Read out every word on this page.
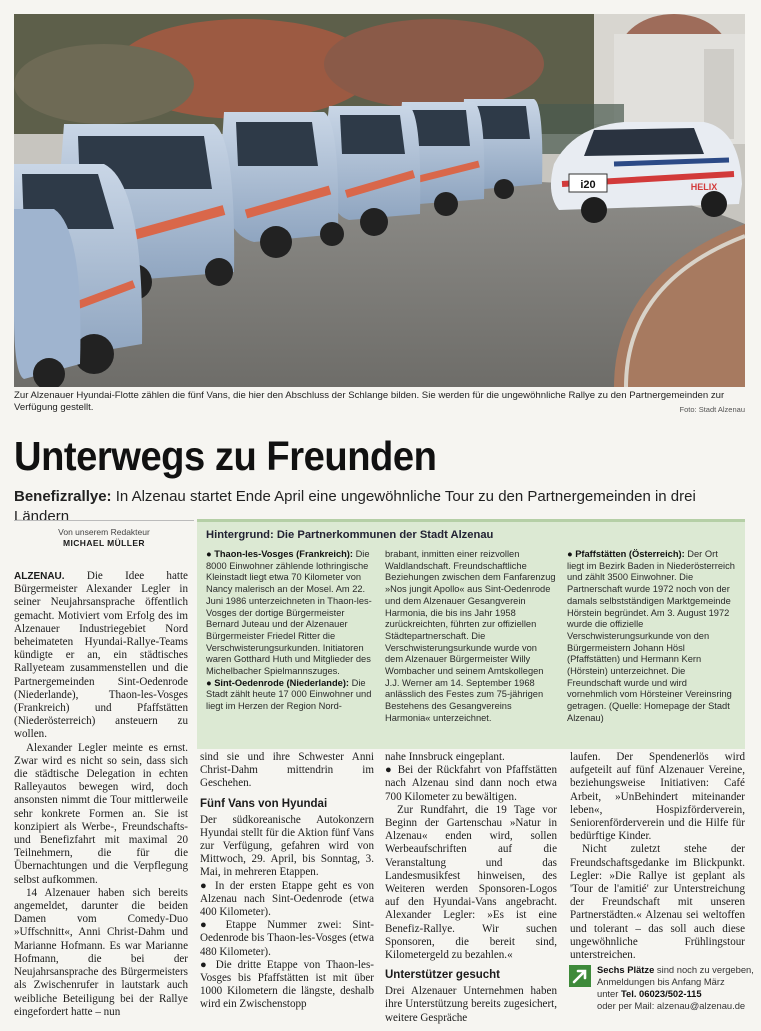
i20	HELIX
Zur Alzenauer Hyundai-Flotte zählen die fünf Vans, die hier den Abschluss der Schlange bilden. Sie werden für die ungewöhnliche Rallye zu den Partnergemeinden zur Verfügung gestellt.	Foto: Stadt Alzenau
Unterwegs zu Freunden
Benefizrallye: In Alzenau startet Ende April eine ungewöhnliche Tour zu den Partnergemeinden in drei Ländern
Von unserem Redakteur
MICHAEL MÜLLER
Hintergrund: Die Partnerkommunen der Stadt Alzenau
● Thaon-les-Vosges (Frankreich): Die 8000 Einwohner zählende lothringische Kleinstadt liegt etwa 70 Kilometer von Nancy malerisch an der Mosel. Am 22. Juni 1986 unterzeichneten in Thaon-les-Vosges der dortige Bürgermeister Bernard Juteau und der Alzenauer Bürgermeister Friedel Ritter die Verschwisterungsurkunden. Initiatoren waren Gotthard Huth und Mitglieder des Michelbacher Spielmannszuges.
● Sint-Oedenrode (Niederlande): Die Stadt zählt heute 17 000 Einwohner und liegt im Herzen der Region Nord-
brabant, inmitten einer reizvollen Waldlandschaft. Freundschaftliche Beziehungen zwischen dem Fanfarenzug »Nos jungit Apollo« aus Sint-Oedenrode und dem Alzenauer Gesangverein Harmonia, die bis ins Jahr 1958 zurückreichten, führten zur offiziellen Städtepartnerschaft. Die Verschwisterungsurkunde wurde von dem Alzenauer Bürgermeister Willy Wombacher und seinem Amtskollegen J.J. Werner am 14. September 1968 anlässlich des Festes zum 75-jährigen Bestehens des Gesangvereins Harmonia« unterzeichnet.
● Pfaffstätten (Österreich): Der Ort liegt im Bezirk Baden in Niederösterreich und zählt 3500 Einwohner. Die Partnerschaft wurde 1972 noch von der damals selbstständigen Marktgemeinde Hörstein begründet. Am 3. August 1972 wurde die offizielle Verschwisterungsurkunde von den Bürgermeistern Johann Hösl (Pfaffstätten) und Hermann Kern (Hörstein) unterzeichnet. Die Freundschaft wurde und wird vornehmlich vom Hörsteiner Vereinsring getragen. (Quelle: Homepage der Stadt Alzenau)

ALZENAU. Die Idee hatte Bürgermeister Alexander Legler in seiner Neujahrsansprache öffentlich gemacht. Motiviert vom Erfolg des im Alzenauer Industriegebiet Nord beheimateten Hyundai-Rallye-Teams kündigte er an, ein städtisches Rallyeteam zusammenstellen und die Partnergemeinden Sint-Oedenrode (Niederlande), Thaon-les-Vosges (Frankreich) und Pfaffstätten (Niederösterreich) ansteuern zu wollen.

Alexander Legler meinte es ernst. Zwar wird es nicht so sein, dass sich die städtische Delegation in echten Ralleyautos bewegen wird, doch ansonsten nimmt die Tour mittlerweile sehr konkrete Formen an. Sie ist konzipiert als Werbe-, Freundschafts- und Benefizfahrt mit maximal 20 Teilnehmern, die für die Übernachtungen und die Verpflegung selbst aufkommen.

14 Alzenauer haben sich bereits angemeldet, darunter die beiden Damen vom Comedy-Duo »Uffschnitt«, Anni Christ-Dahm und Marianne Hofmann. Es war Marianne Hofmann, die bei der Neujahrsansprache des Bürgermeisters als Zwischenrufer in lautstark auch weibliche Beteiligung bei der Rallye eingefordert hatte – nun

sind sie und ihre Schwester Anni Christ-Dahm mittendrin im Geschehen.

Fünf Vans von Hyundai

Der südkoreanische Autokonzern Hyundai stellt für die Aktion fünf Vans zur Verfügung, gefahren wird von Mittwoch, 29. April, bis Sonntag, 3. Mai, in mehreren Etappen.

● In der ersten Etappe geht es von Alzenau nach Sint-Oedenrode (etwa 400 Kilometer).

● Etappe Nummer zwei: Sint-Oedenrode bis Thaon-les-Vosges (etwa 480 Kilometer).

● Die dritte Etappe von Thaon-les-Vosges bis Pfaffstätten ist mit über 1000 Kilometern die längste, deshalb wird ein Zwischenstopp

nahe Innsbruck eingeplant.

● Bei der Rückfahrt von Pfaffstätten nach Alzenau sind dann noch etwa 700 Kilometer zu bewältigen.

Zur Rundfahrt, die 19 Tage vor Beginn der Gartenschau »Natur in Alzenau« enden wird, sollen Werbeaufschriften auf die Veranstaltung und das Landesmusikfest hinweisen, des Weiteren werden Sponsoren-Logos auf den Hyundai-Vans angebracht. Alexander Legler: »Es ist eine Benefiz-Rallye. Wir suchen Sponsoren, die bereit sind, Kilometergeld zu bezahlen.«

Unterstützer gesucht

Drei Alzenauer Unternehmen haben ihre Unterstützung bereits zugesichert, weitere Gespräche

laufen. Der Spendenerlös wird aufgeteilt auf fünf Alzenauer Vereine, beziehungsweise Initiativen: Café Arbeit, »UnBehindert miteinander leben«, Hospizförderverein, Seniorenförderverein und die Hilfe für bedürftige Kinder.

Nicht zuletzt stehe der Freundschaftsgedanke im Blickpunkt. Legler: »Die Rallye ist geplant als 'Tour de l'amitié' zur Unterstreichung der Freundschaft mit unseren Partnerstädten.« Alzenau sei weltoffen und tolerant – das soll auch diese ungewöhnliche Frühlingstour unterstreichen.

Sechs Plätze sind noch zu vergeben,
Anmeldungen bis Anfang März
unter Tel. 06023/502-115
oder per Mail: alzenau@alzenau.de
